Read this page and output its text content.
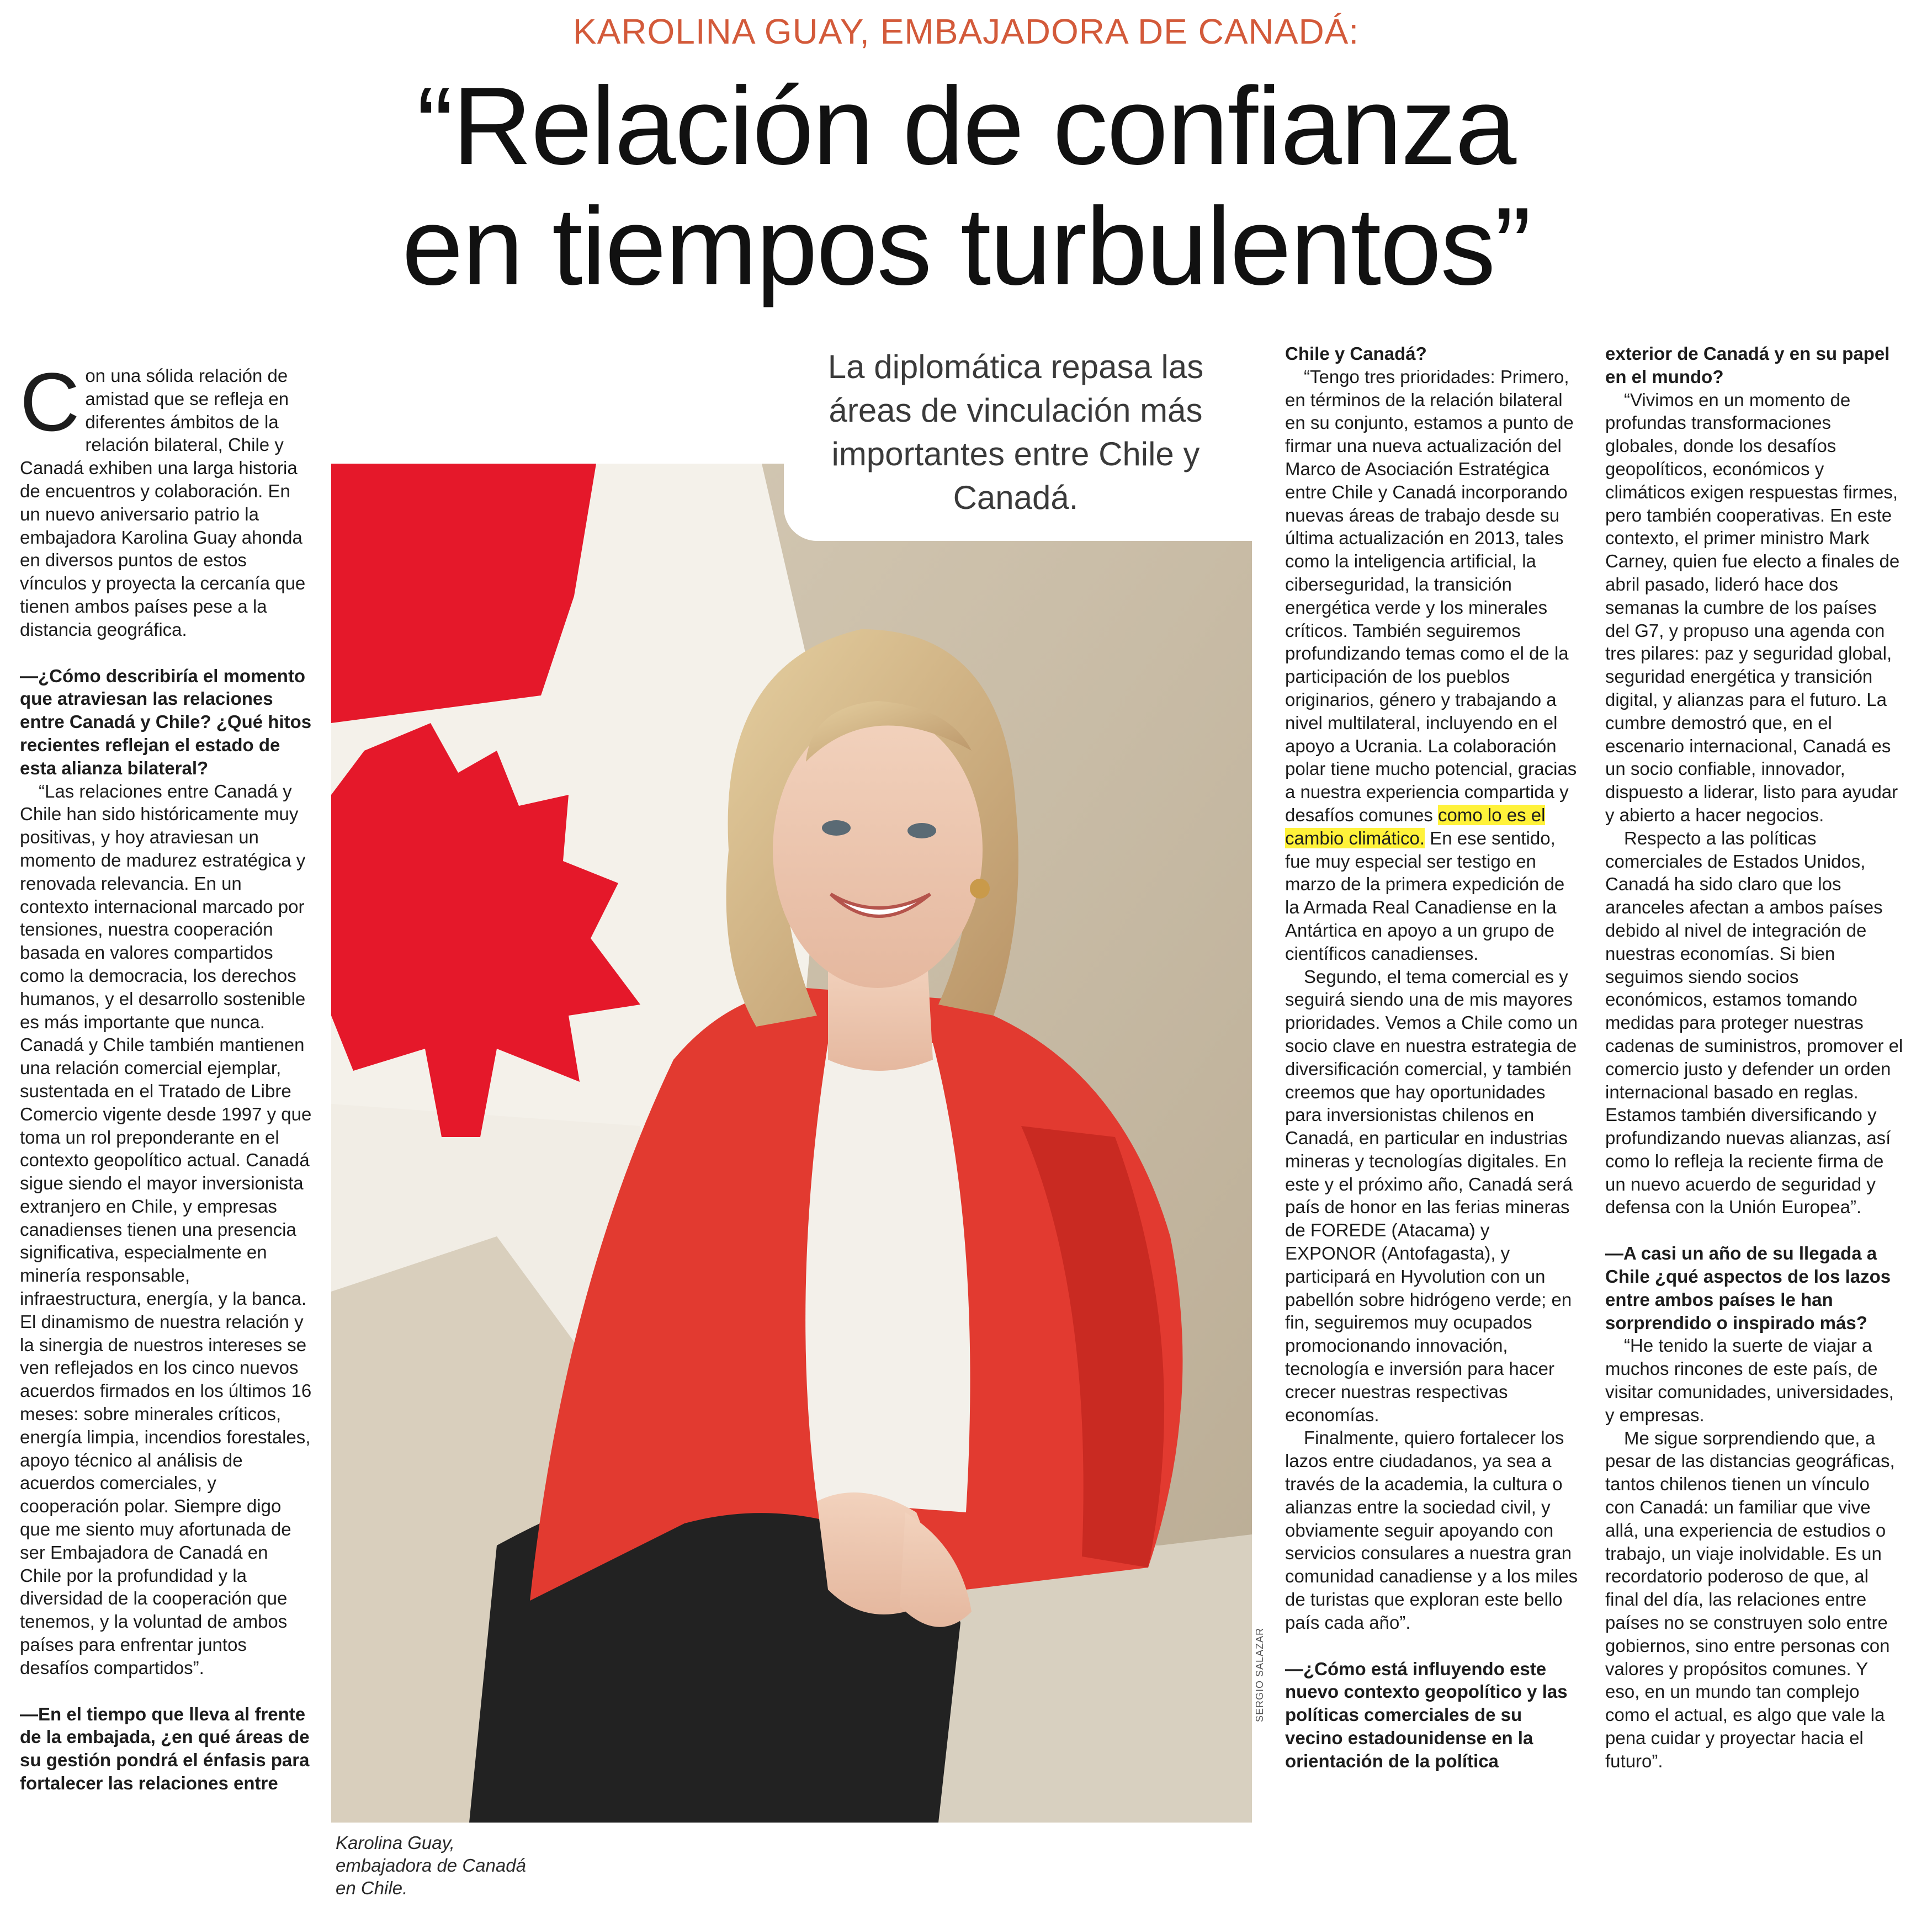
KAROLINA GUAY, EMBAJADORA DE CANADÁ:
“Relación de confianza
en tiempos turbulentos”

Con una sólida relación de amistad que se refleja en diferentes ámbitos de la relación bilateral, Chile y Canadá exhiben una larga historia de encuentros y colaboración. En un nuevo aniversario patrio la embajadora Karolina Guay ahonda en diversos puntos de estos vínculos y proyecta la cercanía que tienen ambos países pese a la distancia geográfica.

—¿Cómo describiría el momento que atraviesan las relaciones entre Canadá y Chile? ¿Qué hitos recientes reflejan el estado de esta alianza bilateral?

“Las relaciones entre Canadá y Chile han sido históricamente muy positivas, y hoy atraviesan un momento de madurez estratégica y renovada relevancia. En un contexto internacional marcado por tensiones, nuestra cooperación basada en valores compartidos como la democracia, los derechos humanos, y el desarrollo sostenible es más importante que nunca. Canadá y Chile también mantienen una relación comercial ejemplar, sustentada en el Tratado de Libre Comercio vigente desde 1997 y que toma un rol preponderante en el contexto geopolítico actual. Canadá sigue siendo el mayor inversionista extranjero en Chile, y empresas canadienses tienen una presencia significativa, especialmente en minería responsable, infraestructura, energía, y la banca. El dinamismo de nuestra relación y la sinergia de nuestros intereses se ven reflejados en los cinco nuevos acuerdos firmados en los últimos 16 meses: sobre minerales críticos, energía limpia, incendios forestales, apoyo técnico al análisis de acuerdos comerciales, y cooperación polar. Siempre digo que me siento muy afortunada de ser Embajadora de Canadá en Chile por la profundidad y la diversidad de la cooperación que tenemos, y la voluntad de ambos países para enfrentar juntos desafíos compartidos”.

—En el tiempo que lleva al frente de la embajada, ¿en qué áreas de su gestión pondrá el énfasis para fortalecer las relaciones entre

La diplomática repasa las áreas de vinculación más importantes entre Chile y Canadá.
SERGIO SALAZAR
Karolina Guay,
embajadora de Canadá
en Chile.

Chile y Canadá?

“Tengo tres prioridades: Primero, en términos de la relación bilateral en su conjunto, estamos a punto de firmar una nueva actualización del Marco de Asociación Estratégica entre Chile y Canadá incorporando nuevas áreas de trabajo desde su última actualización en 2013, tales como la inteligencia artificial, la ciberseguridad, la transición energética verde y los minerales críticos. También seguiremos profundizando temas como el de la participación de los pueblos originarios, género y trabajando a nivel multilateral, incluyendo en el apoyo a Ucrania. La colaboración polar tiene mucho potencial, gracias a nuestra experiencia compartida y desafíos comunes como lo es el cambio climático. En ese sentido, fue muy especial ser testigo en marzo de la primera expedición de la Armada Real Canadiense en la Antártica en apoyo a un grupo de científicos canadienses.

Segundo, el tema comercial es y seguirá siendo una de mis mayores prioridades. Vemos a Chile como un socio clave en nuestra estrategia de diversificación comercial, y también creemos que hay oportunidades para inversionistas chilenos en Canadá, en particular en industrias mineras y tecnologías digitales. En este y el próximo año, Canadá será país de honor en las ferias mineras de FOREDE (Atacama) y EXPONOR (Antofagasta), y participará en Hyvolution con un pabellón sobre hidrógeno verde; en fin, seguiremos muy ocupados promocionando innovación, tecnología e inversión para hacer crecer nuestras respectivas economías.

Finalmente, quiero fortalecer los lazos entre ciudadanos, ya sea a través de la academia, la cultura o alianzas entre la sociedad civil, y obviamente seguir apoyando con servicios consulares a nuestra gran comunidad canadiense y a los miles de turistas que exploran este bello país cada año”.

—¿Cómo está influyendo este nuevo contexto geopolítico y las políticas comerciales de su vecino estadounidense en la orientación de la política

exterior de Canadá y en su papel en el mundo?

“Vivimos en un momento de profundas transformaciones globales, donde los desafíos geopolíticos, económicos y climáticos exigen respuestas firmes, pero también cooperativas. En este contexto, el primer ministro Mark Carney, quien fue electo a finales de abril pasado, lideró hace dos semanas la cumbre de los países del G7, y propuso una agenda con tres pilares: paz y seguridad global, seguridad energética y transición digital, y alianzas para el futuro. La cumbre demostró que, en el escenario internacional, Canadá es un socio confiable, innovador, dispuesto a liderar, listo para ayudar y abierto a hacer negocios.

Respecto a las políticas comerciales de Estados Unidos, Canadá ha sido claro que los aranceles afectan a ambos países debido al nivel de integración de nuestras economías. Si bien seguimos siendo socios económicos, estamos tomando medidas para proteger nuestras cadenas de suministros, promover el comercio justo y defender un orden internacional basado en reglas. Estamos también diversificando y profundizando nuevas alianzas, así como lo refleja la reciente firma de un nuevo acuerdo de seguridad y defensa con la Unión Europea”.

—A casi un año de su llegada a Chile ¿qué aspectos de los lazos entre ambos países le han sorprendido o inspirado más?

“He tenido la suerte de viajar a muchos rincones de este país, de visitar comunidades, universidades, y empresas.

Me sigue sorprendiendo que, a pesar de las distancias geográficas, tantos chilenos tienen un vínculo con Canadá: un familiar que vive allá, una experiencia de estudios o trabajo, un viaje inolvidable. Es un recordatorio poderoso de que, al final del día, las relaciones entre países no se construyen solo entre gobiernos, sino entre personas con valores y propósitos comunes. Y eso, en un mundo tan complejo como el actual, es algo que vale la pena cuidar y proyectar hacia el futuro”.
